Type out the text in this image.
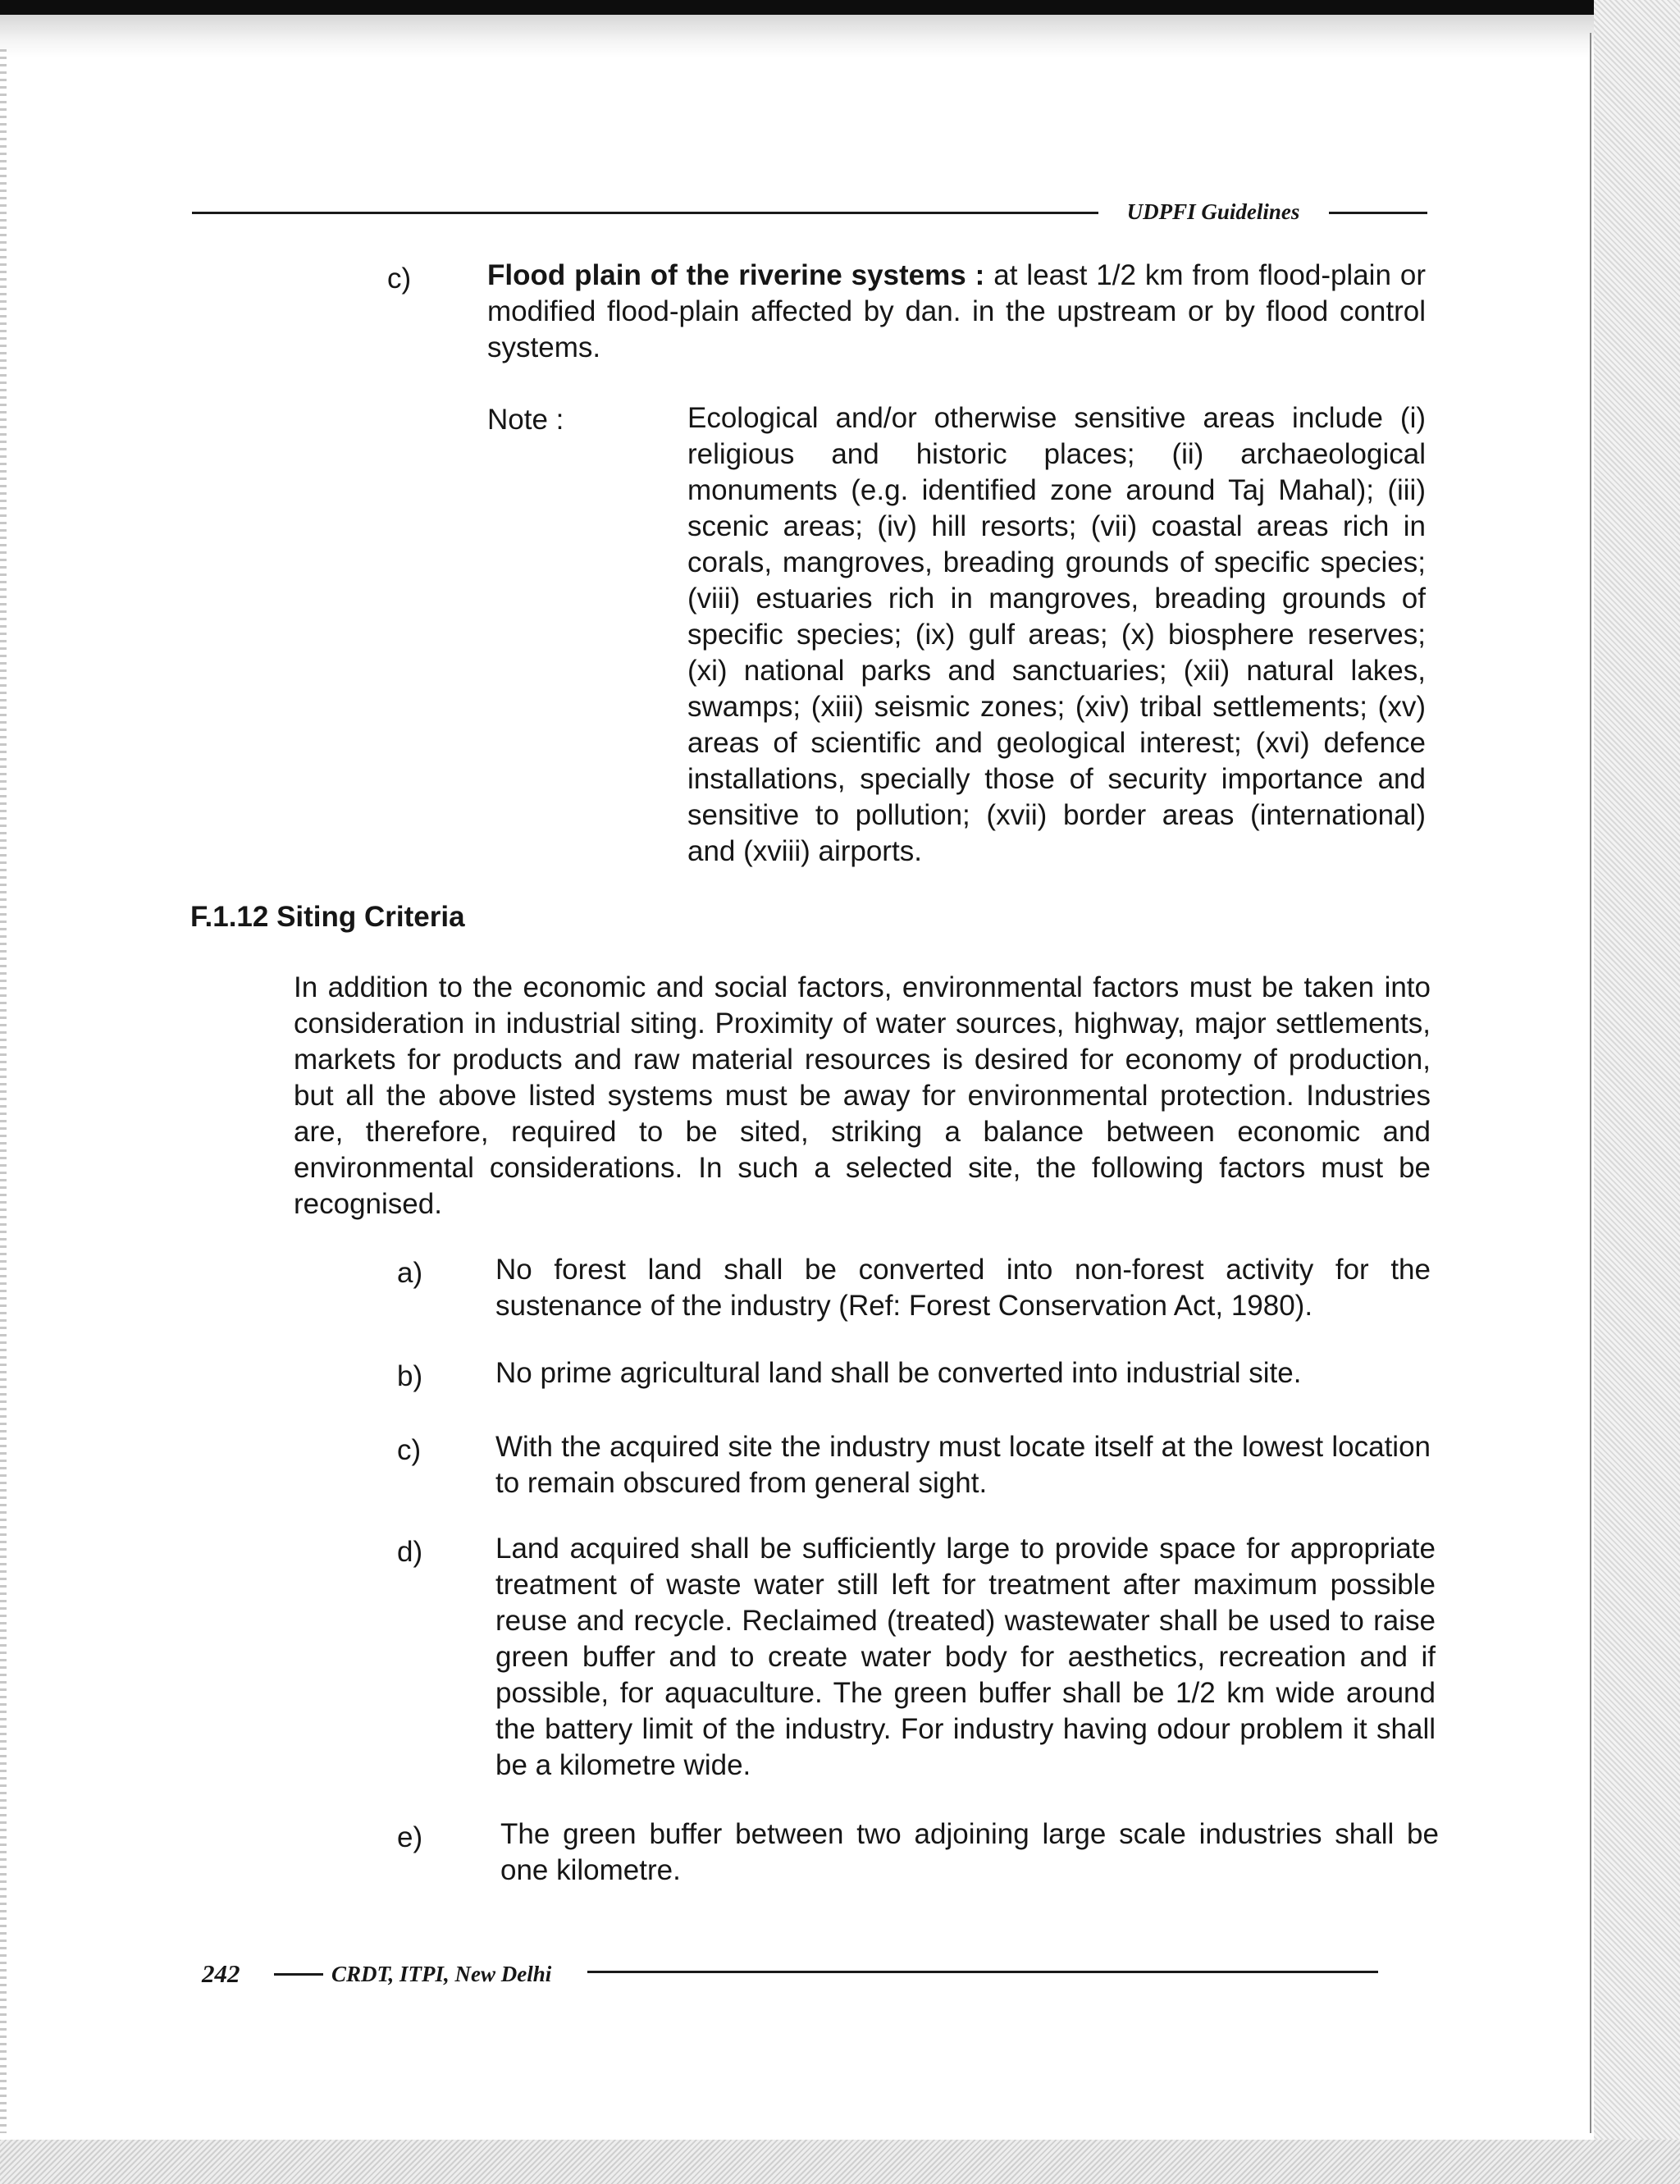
UDPFI Guidelines
c)	Flood plain of the riverine systems : at least 1/2 km from flood-plain or modified flood-plain affected by dan. in the upstream or by flood control systems.
Note :	Ecological and/or otherwise sensitive areas include (i) religious and historic places; (ii) archaeological monuments (e.g. identified zone around Taj Mahal); (iii) scenic areas; (iv) hill resorts; (vii) coastal areas rich in corals, mangroves, breading grounds of specific species; (viii) estuaries rich in mangroves, breading grounds of specific species; (ix) gulf areas; (x) biosphere reserves; (xi) national parks and sanctuaries; (xii) natural lakes, swamps; (xiii) seismic zones; (xiv) tribal settlements; (xv) areas of scientific and geological interest; (xvi) defence installations, specially those of security importance and sensitive to pollution; (xvii) border areas (international) and (xviii) airports.
F.1.12 Siting Criteria
In addition to the economic and social factors, environmental factors must be taken into consideration in industrial siting. Proximity of water sources, highway, major settlements, markets for products and raw material resources is desired for economy of production, but all the above listed systems must be away for environmental protection. Industries are, therefore, required to be sited, striking a balance between economic and environmental considerations. In such a selected site, the following factors must be recognised.
a)	No forest land shall be converted into non-forest activity for the sustenance of the industry (Ref: Forest Conservation Act, 1980).
b)	No prime agricultural land shall be converted into industrial site.
c)	With the acquired site the industry must locate itself at the lowest location to remain obscured from general sight.
d)	Land acquired shall be sufficiently large to provide space for appropriate treatment of waste water still left for treatment after maximum possible reuse and recycle. Reclaimed (treated) wastewater shall be used to raise green buffer and to create water body for aesthetics, recreation and if possible, for aquaculture. The green buffer shall be 1/2 km wide around the battery limit of the industry. For industry having odour problem it shall be a kilometre wide.
e)	The green buffer between two adjoining large scale industries shall be one kilometre.
242	CRDT, ITPI, New Delhi
